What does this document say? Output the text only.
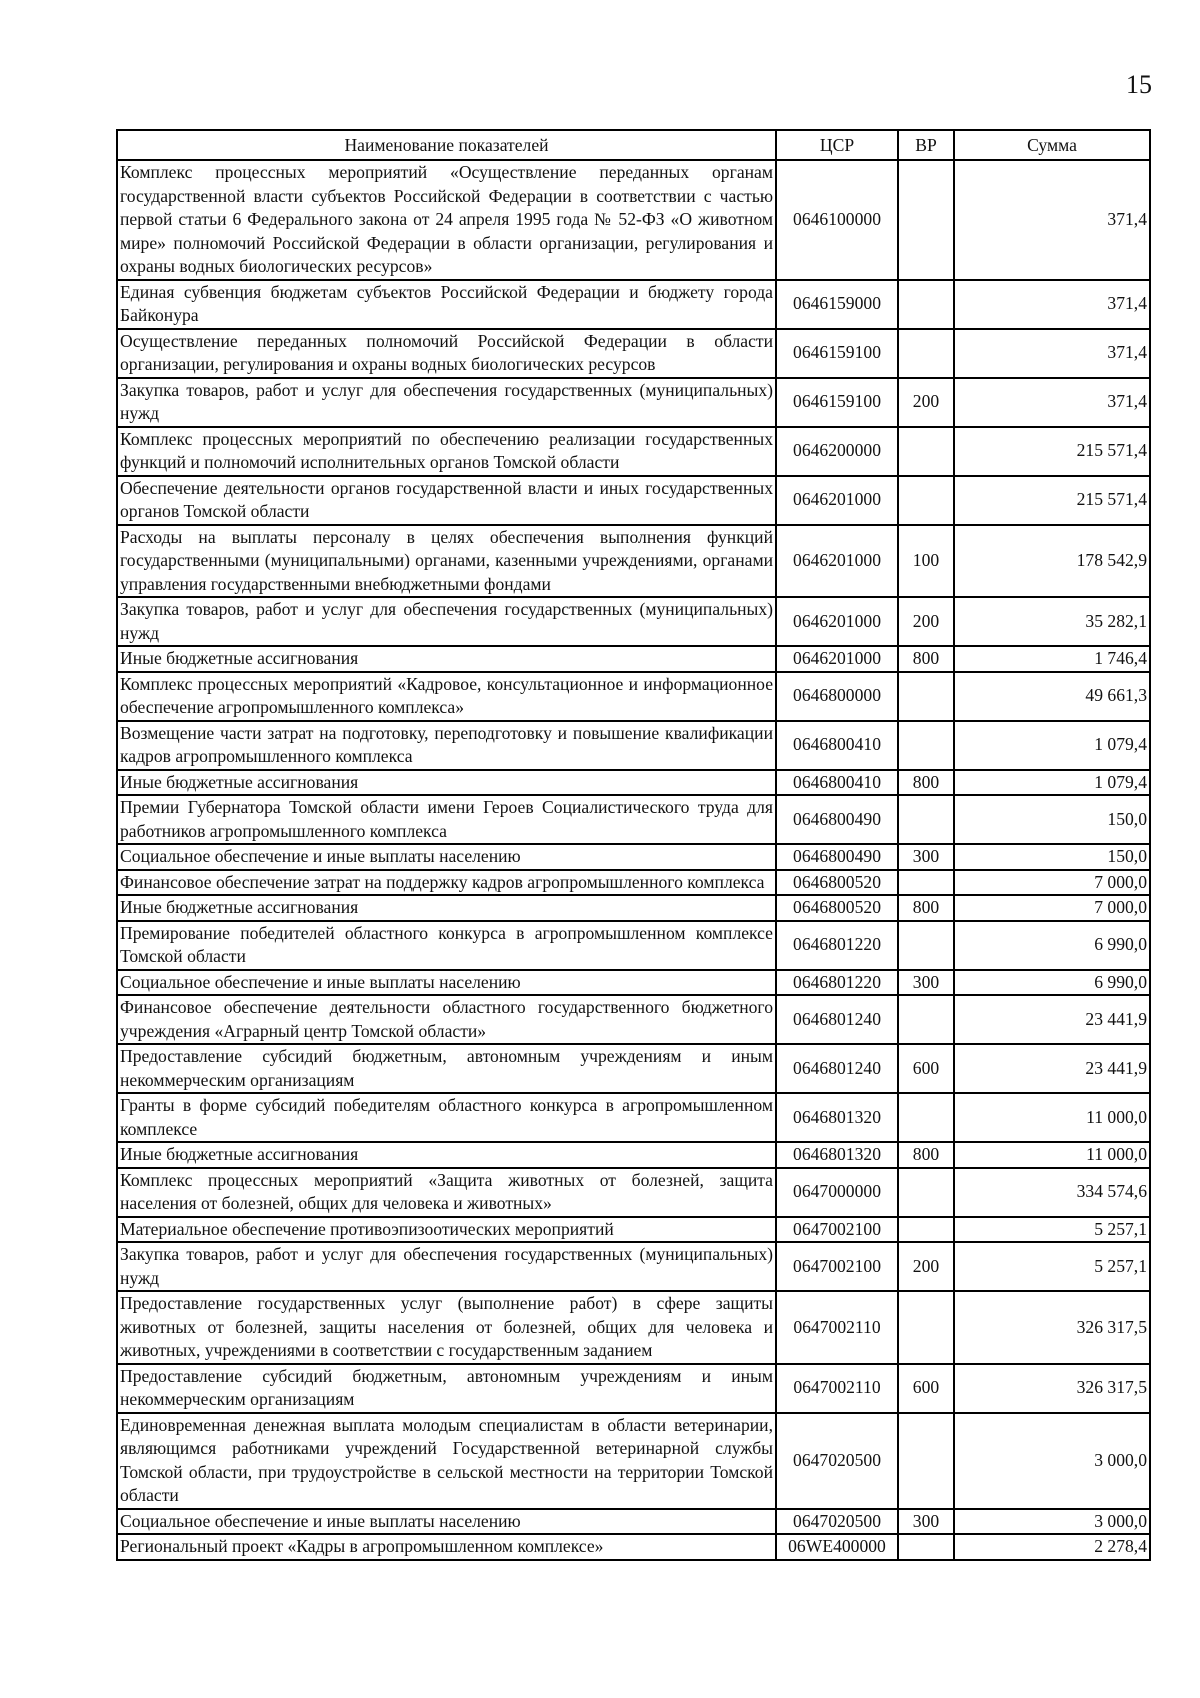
15
Наименование показателей	ЦСР	ВР	Сумма
Комплекс процессных мероприятий «Осуществление переданных органам государственной власти субъектов Российской Федерации в соответствии с частью первой статьи 6 Федерального закона от 24 апреля 1995 года № 52-ФЗ «О животном мире» полномочий Российской Федерации в области организации, регулирования и охраны водных биологических ресурсов»	0646100000		371,4
Единая субвенция бюджетам субъектов Российской Федерации и бюджету города Байконура	0646159000		371,4
Осуществление переданных полномочий Российской Федерации в области организации, регулирования и охраны водных биологических ресурсов	0646159100		371,4
Закупка товаров, работ и услуг для обеспечения государственных (муниципальных) нужд	0646159100	200	371,4
Комплекс процессных мероприятий по обеспечению реализации государственных функций и полномочий исполнительных органов Томской области	0646200000		215 571,4
Обеспечение деятельности органов государственной власти и иных государственных органов Томской области	0646201000		215 571,4
Расходы на выплаты персоналу в целях обеспечения выполнения функций государственными (муниципальными) органами, казенными учреждениями, органами управления государственными внебюджетными фондами	0646201000	100	178 542,9
Закупка товаров, работ и услуг для обеспечения государственных (муниципальных) нужд	0646201000	200	35 282,1
Иные бюджетные ассигнования	0646201000	800	1 746,4
Комплекс процессных мероприятий «Кадровое, консультационное и информационное обеспечение агропромышленного комплекса»	0646800000		49 661,3
Возмещение части затрат на подготовку, переподготовку и повышение квалификации кадров агропромышленного комплекса	0646800410		1 079,4
Иные бюджетные ассигнования	0646800410	800	1 079,4
Премии Губернатора Томской области имени Героев Социалистического труда для работников агропромышленного комплекса	0646800490		150,0
Социальное обеспечение и иные выплаты населению	0646800490	300	150,0
Финансовое обеспечение затрат на поддержку кадров агропромышленного комплекса	0646800520		7 000,0
Иные бюджетные ассигнования	0646800520	800	7 000,0
Премирование победителей областного конкурса в агропромышленном комплексе Томской области	0646801220		6 990,0
Социальное обеспечение и иные выплаты населению	0646801220	300	6 990,0
Финансовое обеспечение деятельности областного государственного бюджетного учреждения «Аграрный центр Томской области»	0646801240		23 441,9
Предоставление субсидий бюджетным, автономным учреждениям и иным некоммерческим организациям	0646801240	600	23 441,9
Гранты в форме субсидий победителям областного конкурса в агропромышленном комплексе	0646801320		11 000,0
Иные бюджетные ассигнования	0646801320	800	11 000,0
Комплекс процессных мероприятий «Защита животных от болезней, защита населения от болезней, общих для человека и животных»	0647000000		334 574,6
Материальное обеспечение противоэпизоотических мероприятий	0647002100		5 257,1
Закупка товаров, работ и услуг для обеспечения государственных (муниципальных) нужд	0647002100	200	5 257,1
Предоставление государственных услуг (выполнение работ) в сфере защиты животных от болезней, защиты населения от болезней, общих для человека и животных, учреждениями в соответствии с государственным заданием	0647002110		326 317,5
Предоставление субсидий бюджетным, автономным учреждениям и иным некоммерческим организациям	0647002110	600	326 317,5
Единовременная денежная выплата молодым специалистам в области ветеринарии, являющимся работниками учреждений Государственной ветеринарной службы Томской области, при трудоустройстве в сельской местности на территории Томской области	0647020500		3 000,0
Социальное обеспечение и иные выплаты населению	0647020500	300	3 000,0
Региональный проект «Кадры в агропромышленном комплексе»	06WE400000		2 278,4
